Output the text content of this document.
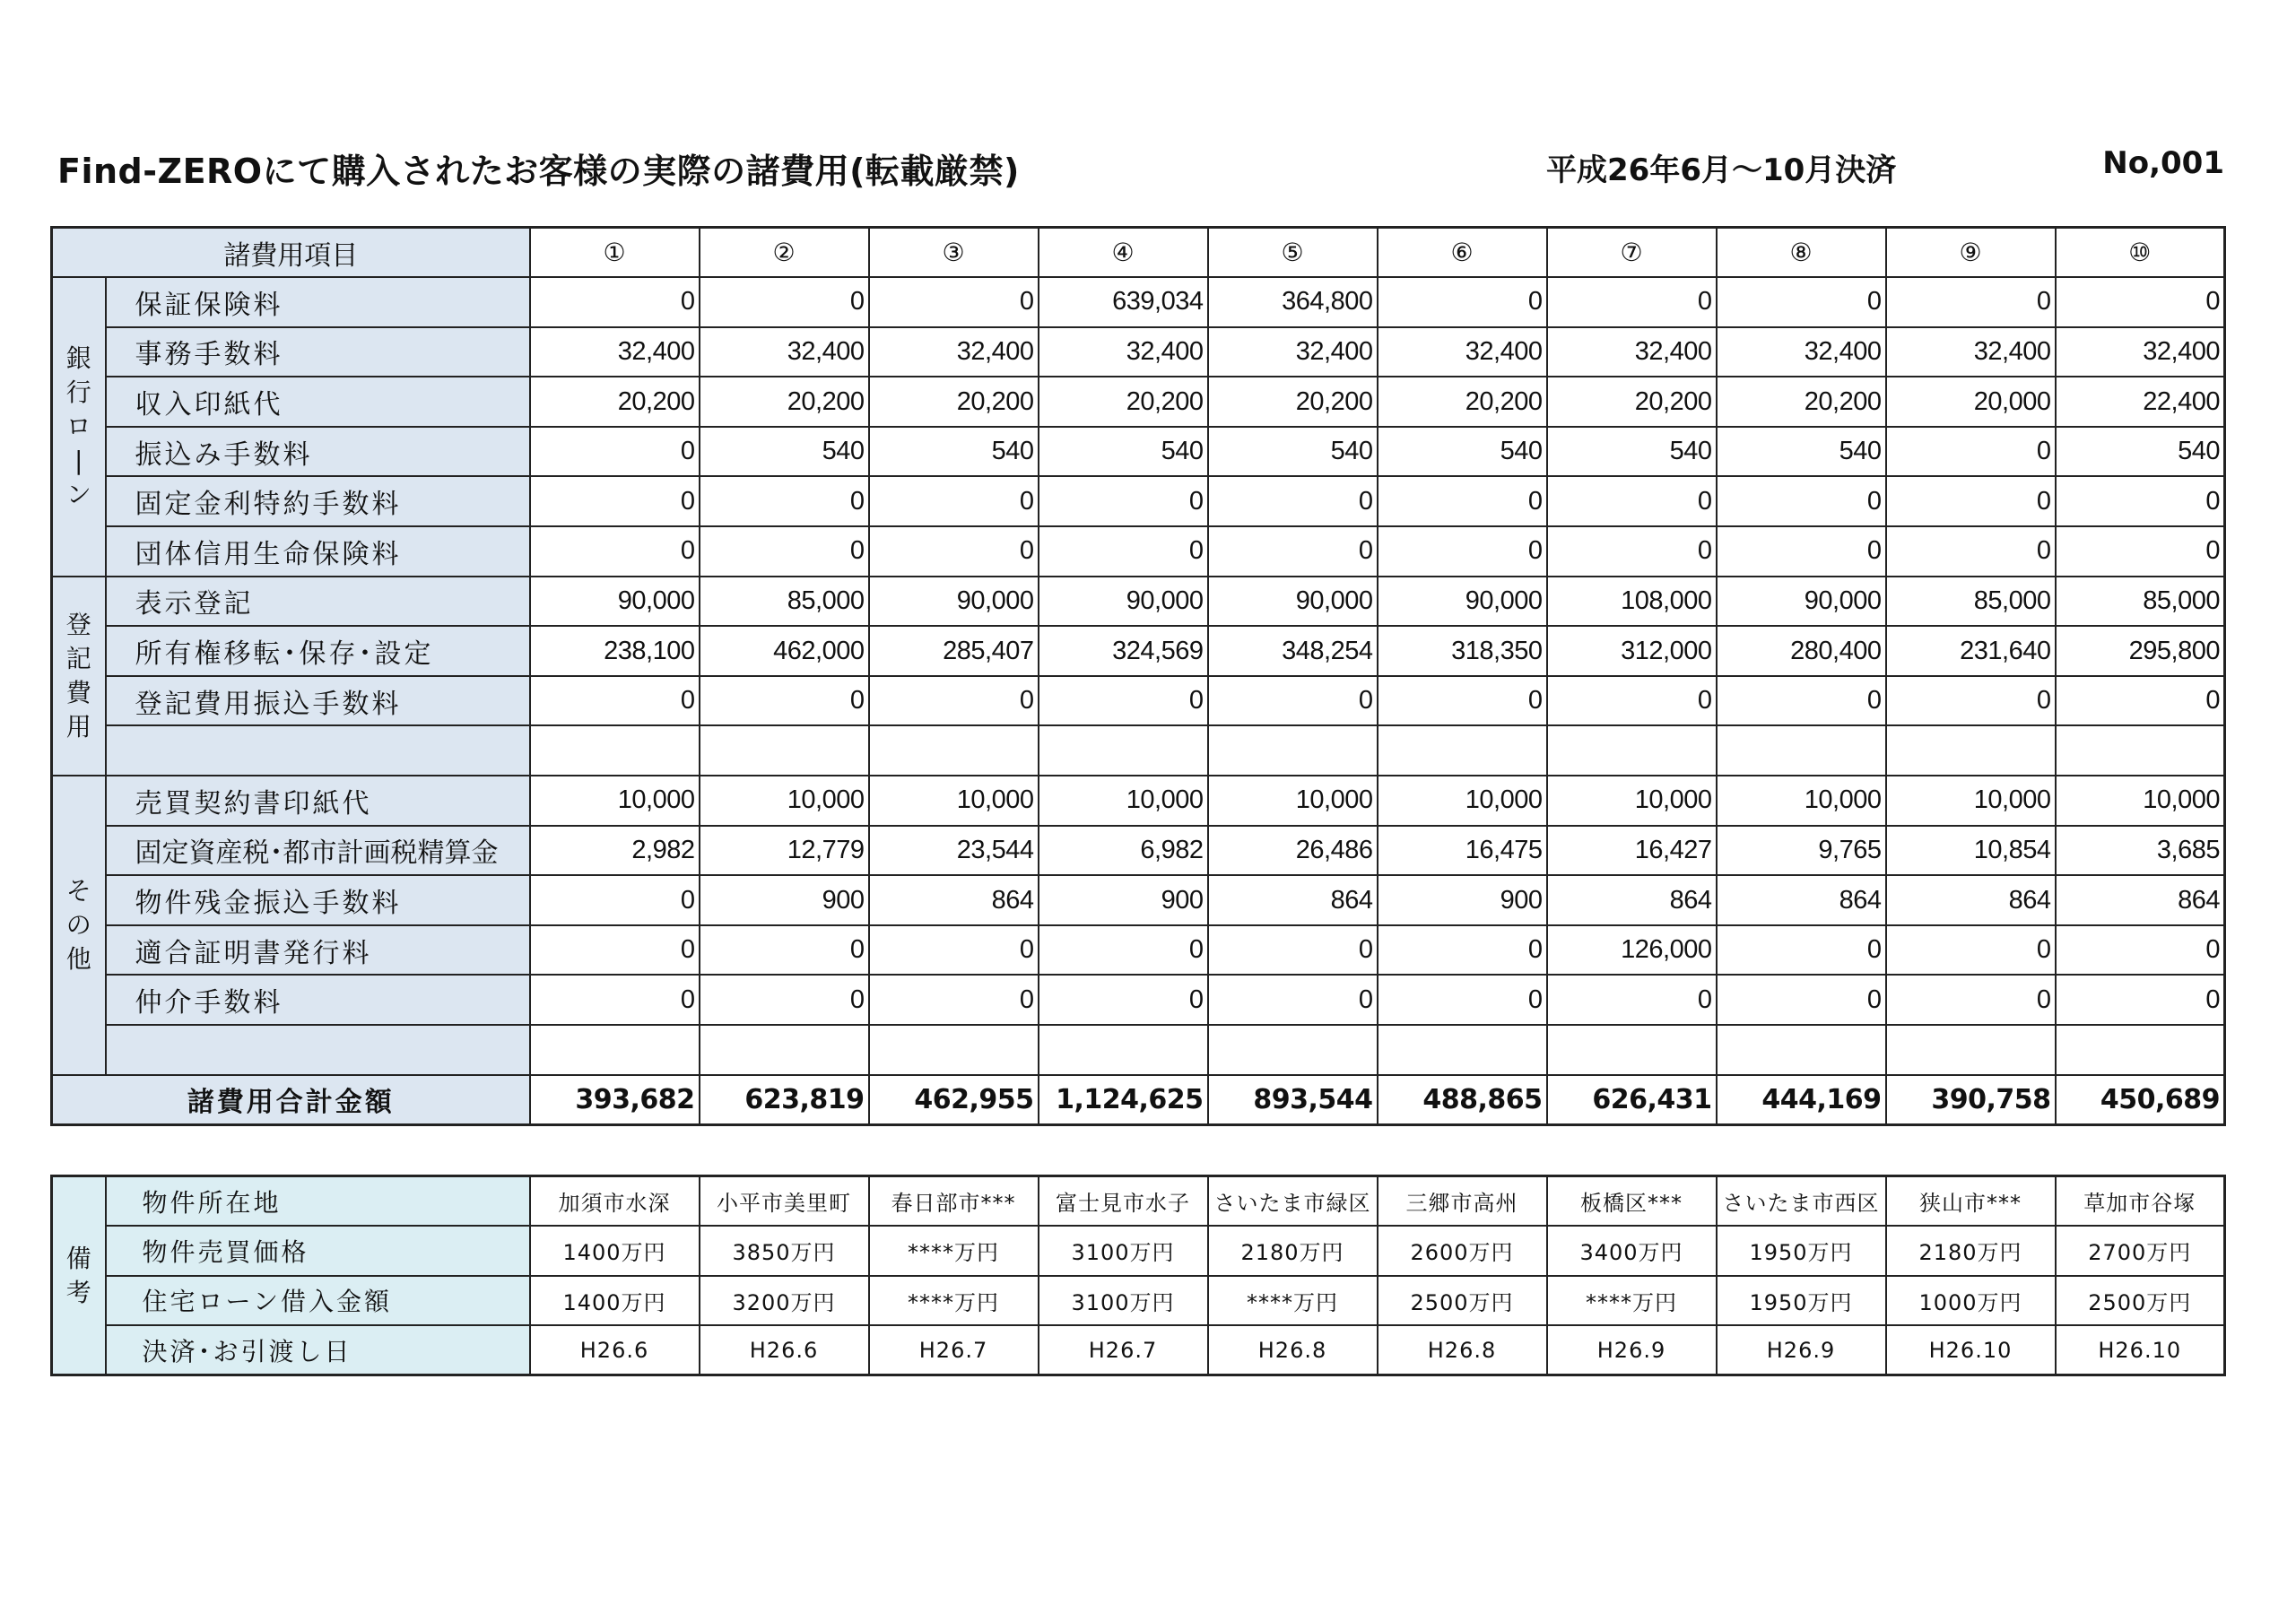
Find-ZEROにて購入されたお客様の実際の諸費用(転載厳禁)	平成26年6月〜10月決済	No,001
諸費用項目		①	②	③	④	⑤	⑥	⑦	⑧	⑨	⑩

銀
行
ロ
|
ン	保証保険料	0	0	0	639,034	364,800	0	0	0	0	0
	事務手数料	32,400	32,400	32,400	32,400	32,400	32,400	32,400	32,400	32,400	32,400
	収入印紙代	20,200	20,200	20,200	20,200	20,200	20,200	20,200	20,200	20,000	22,400
	振込み手数料	0	540	540	540	540	540	540	540	0	540
	固定金利特約手数料	0	0	0	0	0	0	0	0	0	0
	団体信用生命保険料	0	0	0	0	0	0	0	0	0	0

登
記
費
用	表示登記	90,000	85,000	90,000	90,000	90,000	90,000	108,000	90,000	85,000	85,000
	所有権移転･保存･設定	238,100	462,000	285,407	324,569	348,254	318,350	312,000	280,400	231,640	295,800
	登記費用振込手数料	0	0	0	0	0	0	0	0	0	0

そ
の
他	売買契約書印紙代	10,000	10,000	10,000	10,000	10,000	10,000	10,000	10,000	10,000	10,000
	固定資産税･都市計画税精算金	2,982	12,779	23,544	6,982	26,486	16,475	16,427	9,765	10,854	3,685
	物件残金振込手数料	0	900	864	900	864	900	864	864	864	864
	適合証明書発行料	0	0	0	0	0	0	126,000	0	0	0
	仲介手数料	0	0	0	0	0	0	0	0	0	0

諸費用合計金額		393,682	623,819	462,955	1,124,625	893,544	488,865	626,431	444,169	390,758	450,689
備
考	物件所在地	加須市水深	小平市美里町	春日部市***	富士見市水子	さいたま市緑区	三郷市高州	板橋区***	さいたま市西区	狭山市***	草加市谷塚
	物件売買価格	1400万円	3850万円	****万円	3100万円	2180万円	2600万円	3400万円	1950万円	2180万円	2700万円
	住宅ローン借入金額	1400万円	3200万円	****万円	3100万円	****万円	2500万円	****万円	1950万円	1000万円	2500万円
	決済･お引渡し日	H26.6	H26.6	H26.7	H26.7	H26.8	H26.8	H26.9	H26.9	H26.10	H26.10
